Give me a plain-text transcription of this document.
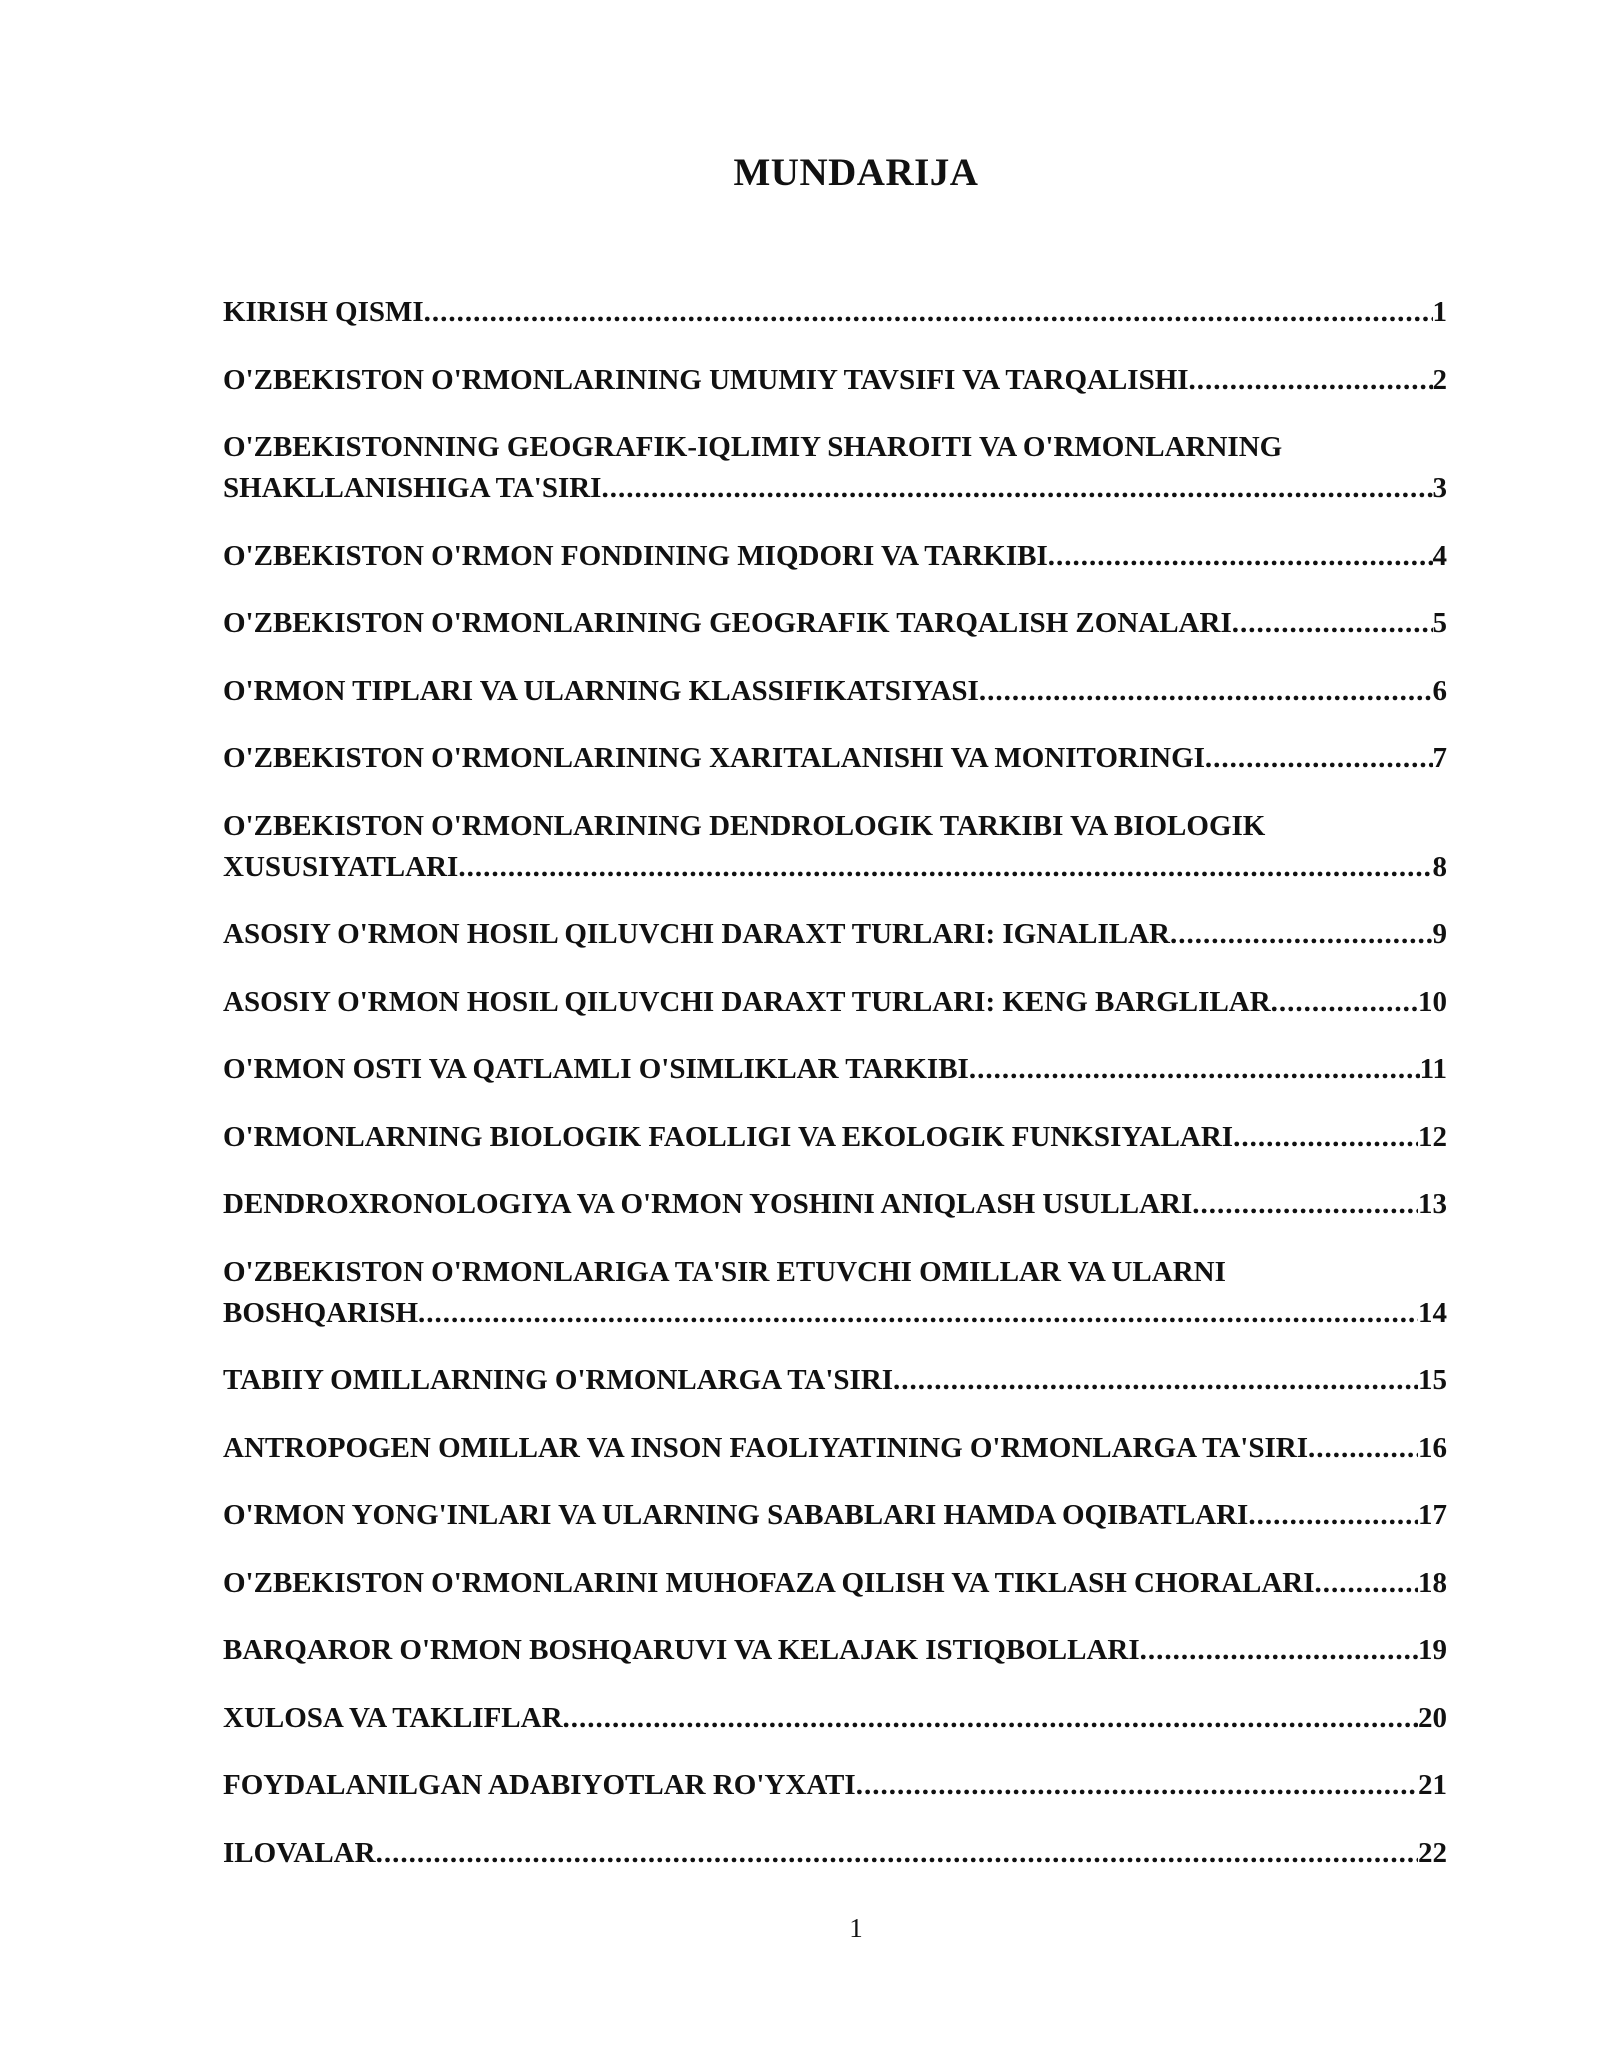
MUNDARIJA
KIRISH QISMI .....	1
O'ZBEKISTON O'RMONLARINING UMUMIY TAVSIFI VA TARQALISHI .....	2
O'ZBEKISTONNING GEOGRAFIK-IQLIMIY SHAROITI VA O'RMONLARNING
SHAKLLANISHIGA TA'SIRI .....	3
O'ZBEKISTON O'RMON FONDINING MIQDORI VA TARKIBI .....	4
O'ZBEKISTON O'RMONLARINING GEOGRAFIK TARQALISH ZONALARI .....	5
O'RMON TIPLARI VA ULARNING KLASSIFIKATSIYASI .....	6
O'ZBEKISTON O'RMONLARINING XARITALANISHI VA MONITORINGI .....	7
O'ZBEKISTON O'RMONLARINING DENDROLOGIK TARKIBI VA BIOLOGIK
XUSUSIYATLARI .....	8
ASOSIY O'RMON HOSIL QILUVCHI DARAXT TURLARI: IGNALILAR .....	9
ASOSIY O'RMON HOSIL QILUVCHI DARAXT TURLARI: KENG BARGLILAR .....	10
O'RMON OSTI VA QATLAMLI O'SIMLIKLAR TARKIBI .....	11
O'RMONLARNING BIOLOGIK FAOLLIGI VA EKOLOGIK FUNKSIYALARI .....	12
DENDROXRONOLOGIYA VA O'RMON YOSHINI ANIQLASH USULLARI .....	13
O'ZBEKISTON O'RMONLARIGA TA'SIR ETUVCHI OMILLAR VA ULARNI
BOSHQARISH .....	14
TABIIY OMILLARNING O'RMONLARGA TA'SIRI .....	15
ANTROPOGEN OMILLAR VA INSON FAOLIYATINING O'RMONLARGA TA'SIRI .....	16
O'RMON YONG'INLARI VA ULARNING SABABLARI HAMDA OQIBATLARI .....	17
O'ZBEKISTON O'RMONLARINI MUHOFAZA QILISH VA TIKLASH CHORALARI .....	18
BARQAROR O'RMON BOSHQARUVI VA KELAJAK ISTIQBOLLARI .....	19
XULOSA VA TAKLIFLAR .....	20
FOYDALANILGAN ADABIYOTLAR RO'YXATI .....	21
ILOVALAR .....	22
1
